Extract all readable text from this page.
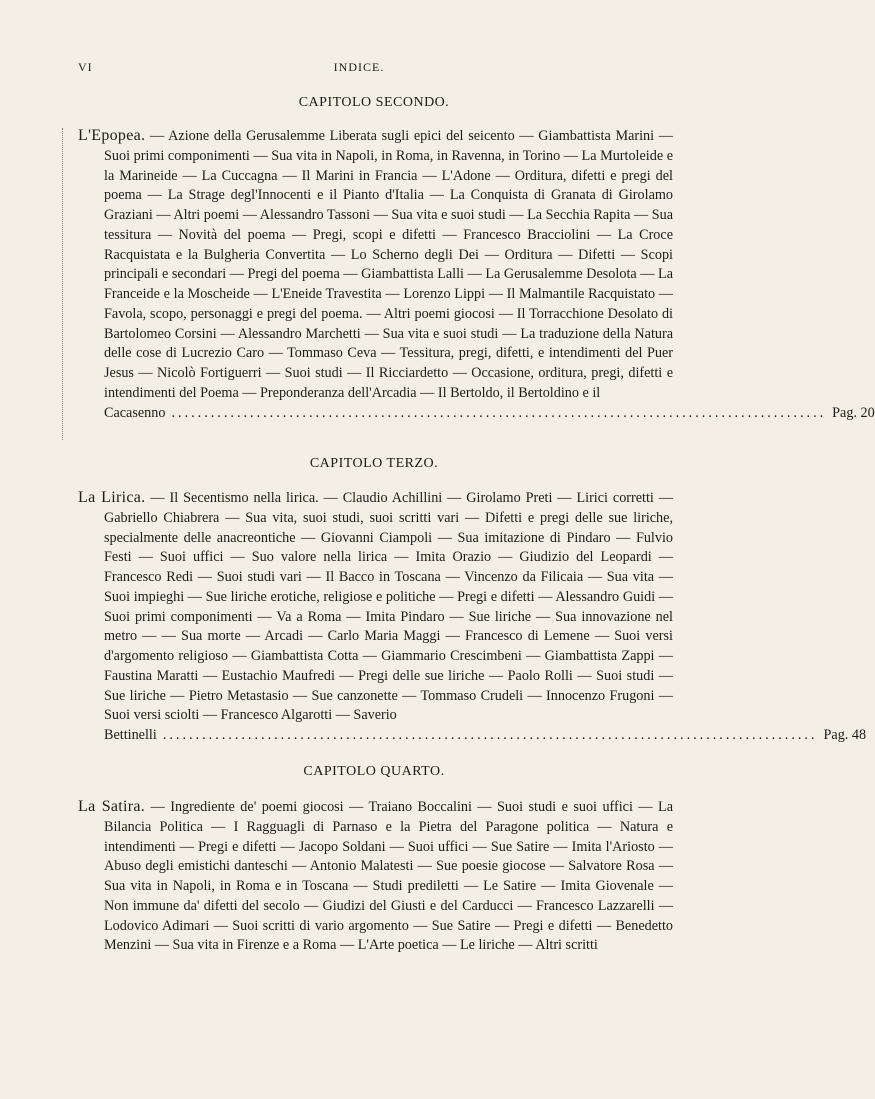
VI	INDICE.
CAPITOLO SECONDO.
L'Epopea. — Azione della Gerusalemme Liberata sugli epici del seicento — Giambattista Marini — Suoi primi componimenti — Sua vita in Napoli, in Roma, in Ravenna, in Torino — La Murtoleide e la Marineide — La Cuccagna — Il Marini in Francia — L'Adone — Orditura, difetti e pregi del poema — La Strage degl'Innocenti e il Pianto d'Italia — La Conquista di Granata di Girolamo Graziani — Altri poemi — Alessandro Tassoni — Sua vita e suoi studi — La Secchia Rapita — Sua tessitura — Novità del poema — Pregi, scopi e difetti — Francesco Bracciolini — La Croce Racquistata e la Bulgheria Convertita — Lo Scherno degli Dei — Orditura — Difetti — Scopi principali e secondari — Pregi del poema — Giambattista Lalli — La Gerusalemme Desolota — La Franceide e la Moscheide — L'Eneide Travestita — Lorenzo Lippi — Il Malmantile Racquistato — Favola, scopo, personaggi e pregi del poema. — Altri poemi giocosi — Il Torracchione Desolato di Bartolomeo Corsini — Alessandro Marchetti — Sua vita e suoi studi — La traduzione della Natura delle cose di Lucrezio Caro — Tommaso Ceva — Tessitura, pregi, difetti, e intendimenti del Puer Jesus — Nicolò Fortiguerri — Suoi studi — Il Ricciardetto — Occasione, orditura, pregi, difetti e intendimenti del Poema — Preponderanza dell'Arcadia — Il Bertoldo, il Bertoldino e il
Cacasenno .................................................................................................... Pag. 20
CAPITOLO TERZO.
La Lirica. — Il Secentismo nella lirica. — Claudio Achillini — Girolamo Preti — Lirici corretti — Gabriello Chiabrera — Sua vita, suoi studi, suoi scritti vari — Difetti e pregi delle sue liriche, specialmente delle anacreontiche — Giovanni Ciampoli — Sua imitazione di Pindaro — Fulvio Festi — Suoi uffici — Suo valore nella lirica — Imita Orazio — Giudizio del Leopardi — Francesco Redi — Suoi studi vari — Il Bacco in Toscana — Vincenzo da Filicaia — Sua vita — Suoi impieghi — Sue liriche erotiche, religiose e politiche — Pregi e difetti — Alessandro Guidi — Suoi primi componimenti — Va a Roma — Imita Pindaro — Sue liriche — Sua innovazione nel metro — — Sua morte — Arcadi — Carlo Maria Maggi — Francesco di Lemene — Suoi versi d'argomento religioso — Giambattista Cotta — Giammario Crescimbeni — Giambattista Zappi — Faustina Maratti — Eustachio Maufredi — Pregi delle sue liriche — Paolo Rolli — Suoi studi — Sue liriche — Pietro Metastasio — Sue canzonette — Tommaso Crudeli — Innocenzo Frugoni — Suoi versi sciolti — Francesco Algarotti — Saverio
Bettinelli .................................................................................................... Pag. 48
CAPITOLO QUARTO.
La Satira. — Ingrediente de' poemi giocosi — Traiano Boccalini — Suoi studi e suoi uffici — La Bilancia Politica — I Ragguagli di Parnaso e la Pietra del Paragone politica — Natura e intendimenti — Pregi e difetti — Jacopo Soldani — Suoi uffici — Sue Satire — Imita l'Ariosto — Abuso degli emistichi danteschi — Antonio Malatesti — Sue poesie giocose — Salvatore Rosa — Sua vita in Napoli, in Roma e in Toscana — Studi prediletti — Le Satire — Imita Giovenale — Non immune da' difetti del secolo — Giudizi del Giusti e del Carducci — Francesco Lazzarelli — Lodovico Adimari — Suoi scritti di vario argomento — Sue Satire — Pregi e difetti — Benedetto Menzini — Sua vita in Firenze e a Roma — L'Arte poetica — Le liriche — Altri scritti
